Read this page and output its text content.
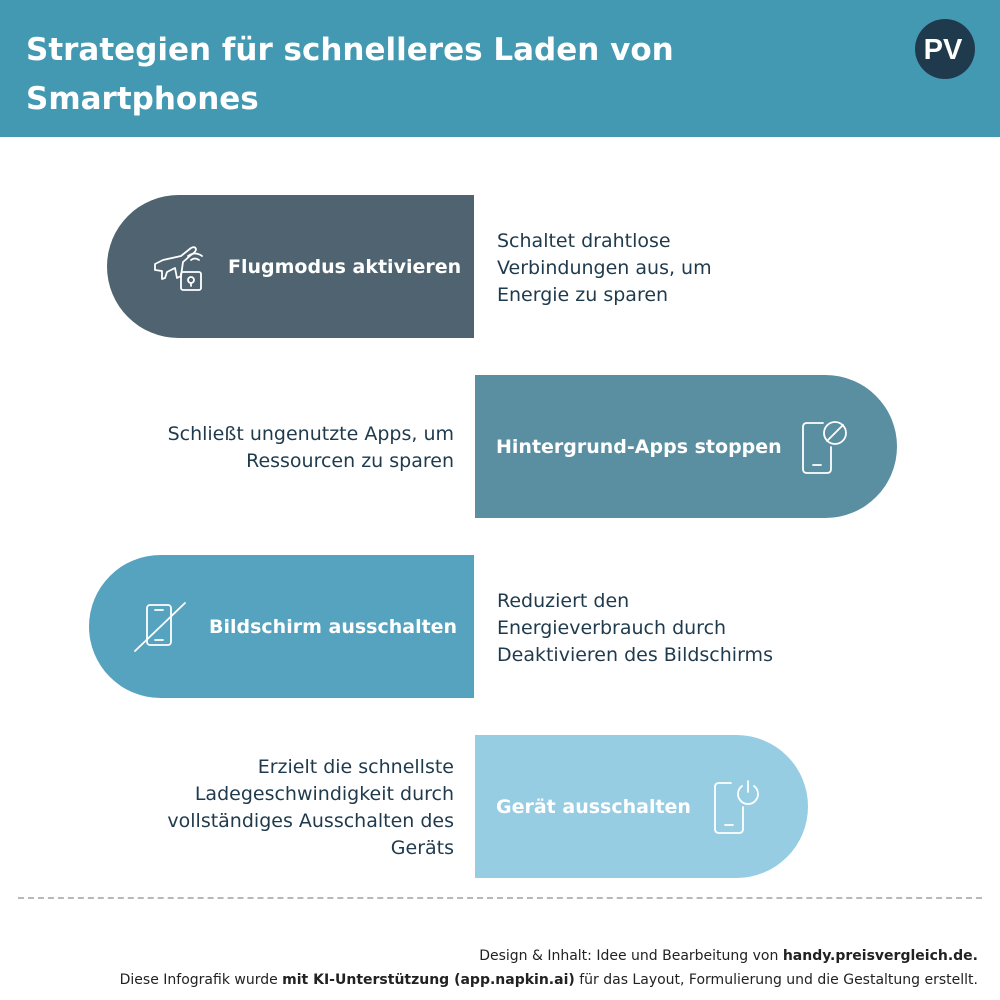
Strategien für schnelleres Laden von
Smartphones
PV
Flugmodus aktivieren
Schaltet drahtlose
Verbindungen aus, um
Energie zu sparen
Hintergrund-Apps stoppen
Schließt ungenutzte Apps, um
Ressourcen zu sparen
Bildschirm ausschalten
Reduziert den
Energieverbrauch durch
Deaktivieren des Bildschirms
Gerät ausschalten
Erzielt die schnellste
Ladegeschwindigkeit durch
vollständiges Ausschalten des
Geräts
Design & Inhalt: Idee und Bearbeitung von handy.preisvergleich.de.
Diese Infografik wurde mit KI-Unterstützung (app.napkin.ai) für das Layout, Formulierung und die Gestaltung erstellt.
